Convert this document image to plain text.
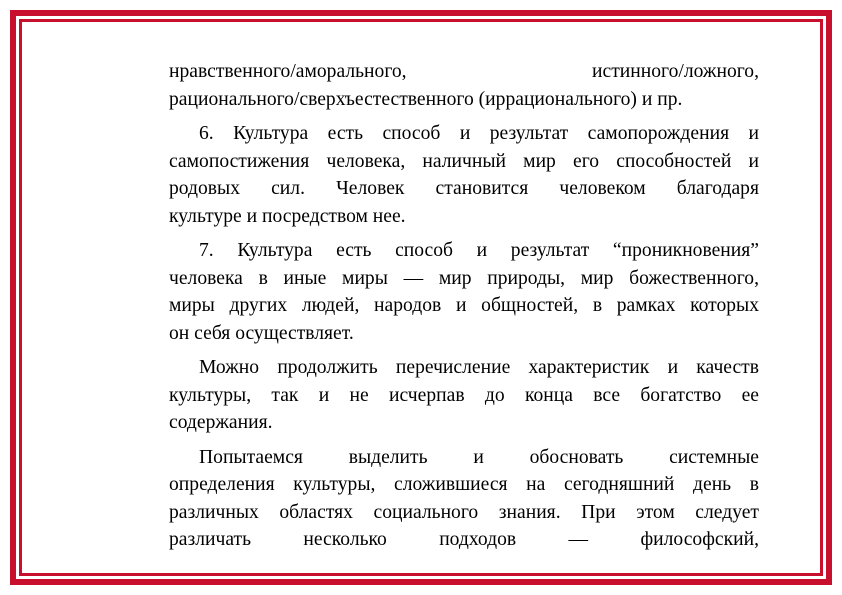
нравственного/аморального, истинного/ложного,
рационального/сверхъестественного (иррационального) и пр.

6. Культура есть способ и результат самопорождения и
самопостижения человека, наличный мир его способностей и
родовых сил. Человек становится человеком благодаря
культуре и посредством нее.

7. Культура есть способ и результат “проникновения”
человека в иные миры — мир природы, мир божественного,
миры других людей, народов и общностей, в рамках которых
он себя осуществляет.

Можно продолжить перечисление характеристик и качеств
культуры, так и не исчерпав до конца все богатство ее
содержания.

Попытаемся выделить и обосновать системные
определения культуры, сложившиеся на сегодняшний день в
различных областях социального знания. При этом следует
различать несколько подходов — философский,
